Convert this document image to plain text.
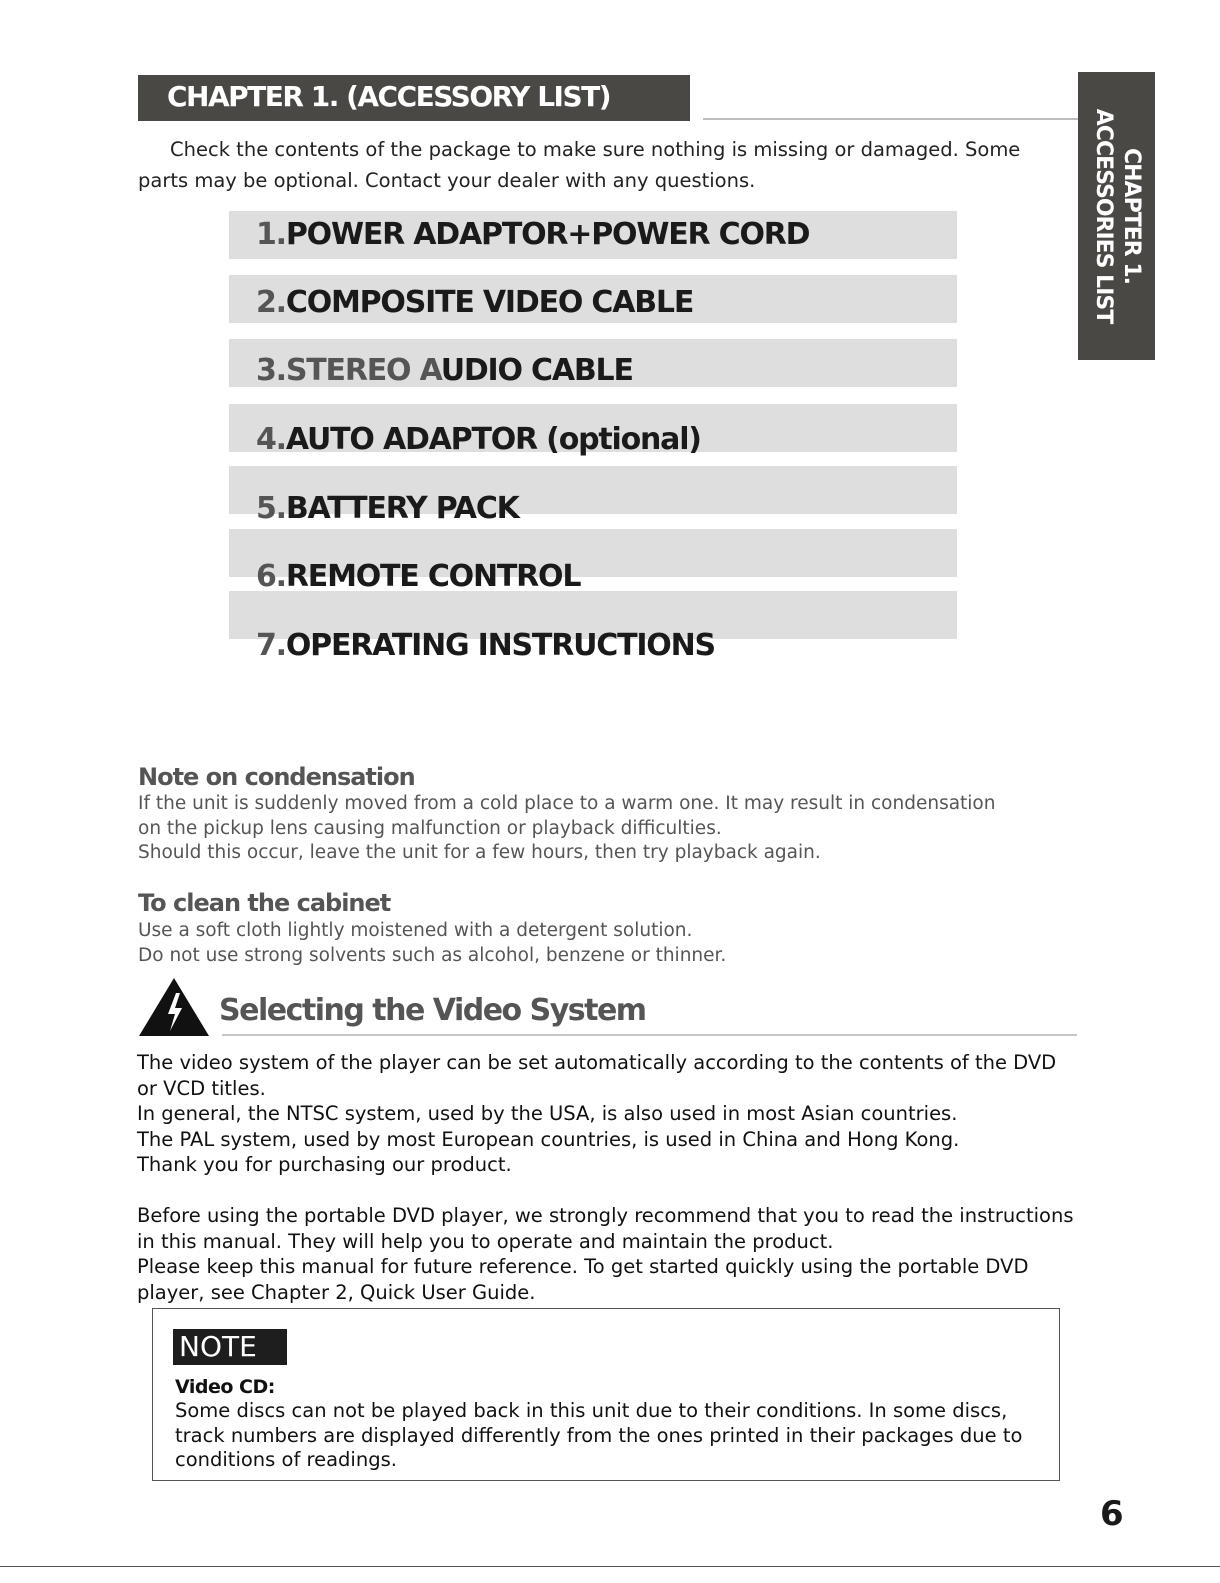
CHAPTER 1. (ACCESSORY LIST)
CHAPTER 1.
ACCESSORIES LIST
Check the contents of the package to make sure nothing is missing or damaged. Some parts may be optional. Contact your dealer with any questions.
1.POWER ADAPTOR+POWER CORD
2.COMPOSITE VIDEO CABLE
3.STEREO AUDIO CABLE
4.AUTO ADAPTOR (optional)
5.BATTERY PACK
6.REMOTE CONTROL
7.OPERATING INSTRUCTIONS
Note on condensation
If the unit is suddenly moved from a cold place to a warm one. It may result in condensation
on the pickup lens causing malfunction or playback difficulties.
Should this occur, leave the unit for a few hours, then try playback again.
To clean the cabinet
Use a soft cloth lightly moistened with a detergent solution.
Do not use strong solvents such as alcohol, benzene or thinner.
Selecting the Video System
The video system of the player can be set automatically according to the contents of the DVD
or VCD titles.
In general, the NTSC system, used by the USA, is also used in most Asian countries.
The PAL system, used by most European countries, is used in China and Hong Kong.
Thank you for purchasing our product.
Before using the portable DVD player, we strongly recommend that you to read the instructions
in this manual. They will help you to operate and maintain the product.
Please keep this manual for future reference. To get started quickly using the portable DVD
player, see Chapter 2, Quick User Guide.
NOTE
Video CD:
Some discs can not be played back in this unit due to their conditions. In some discs,
track numbers are displayed differently from the ones printed in their packages due to
conditions of readings.
6
